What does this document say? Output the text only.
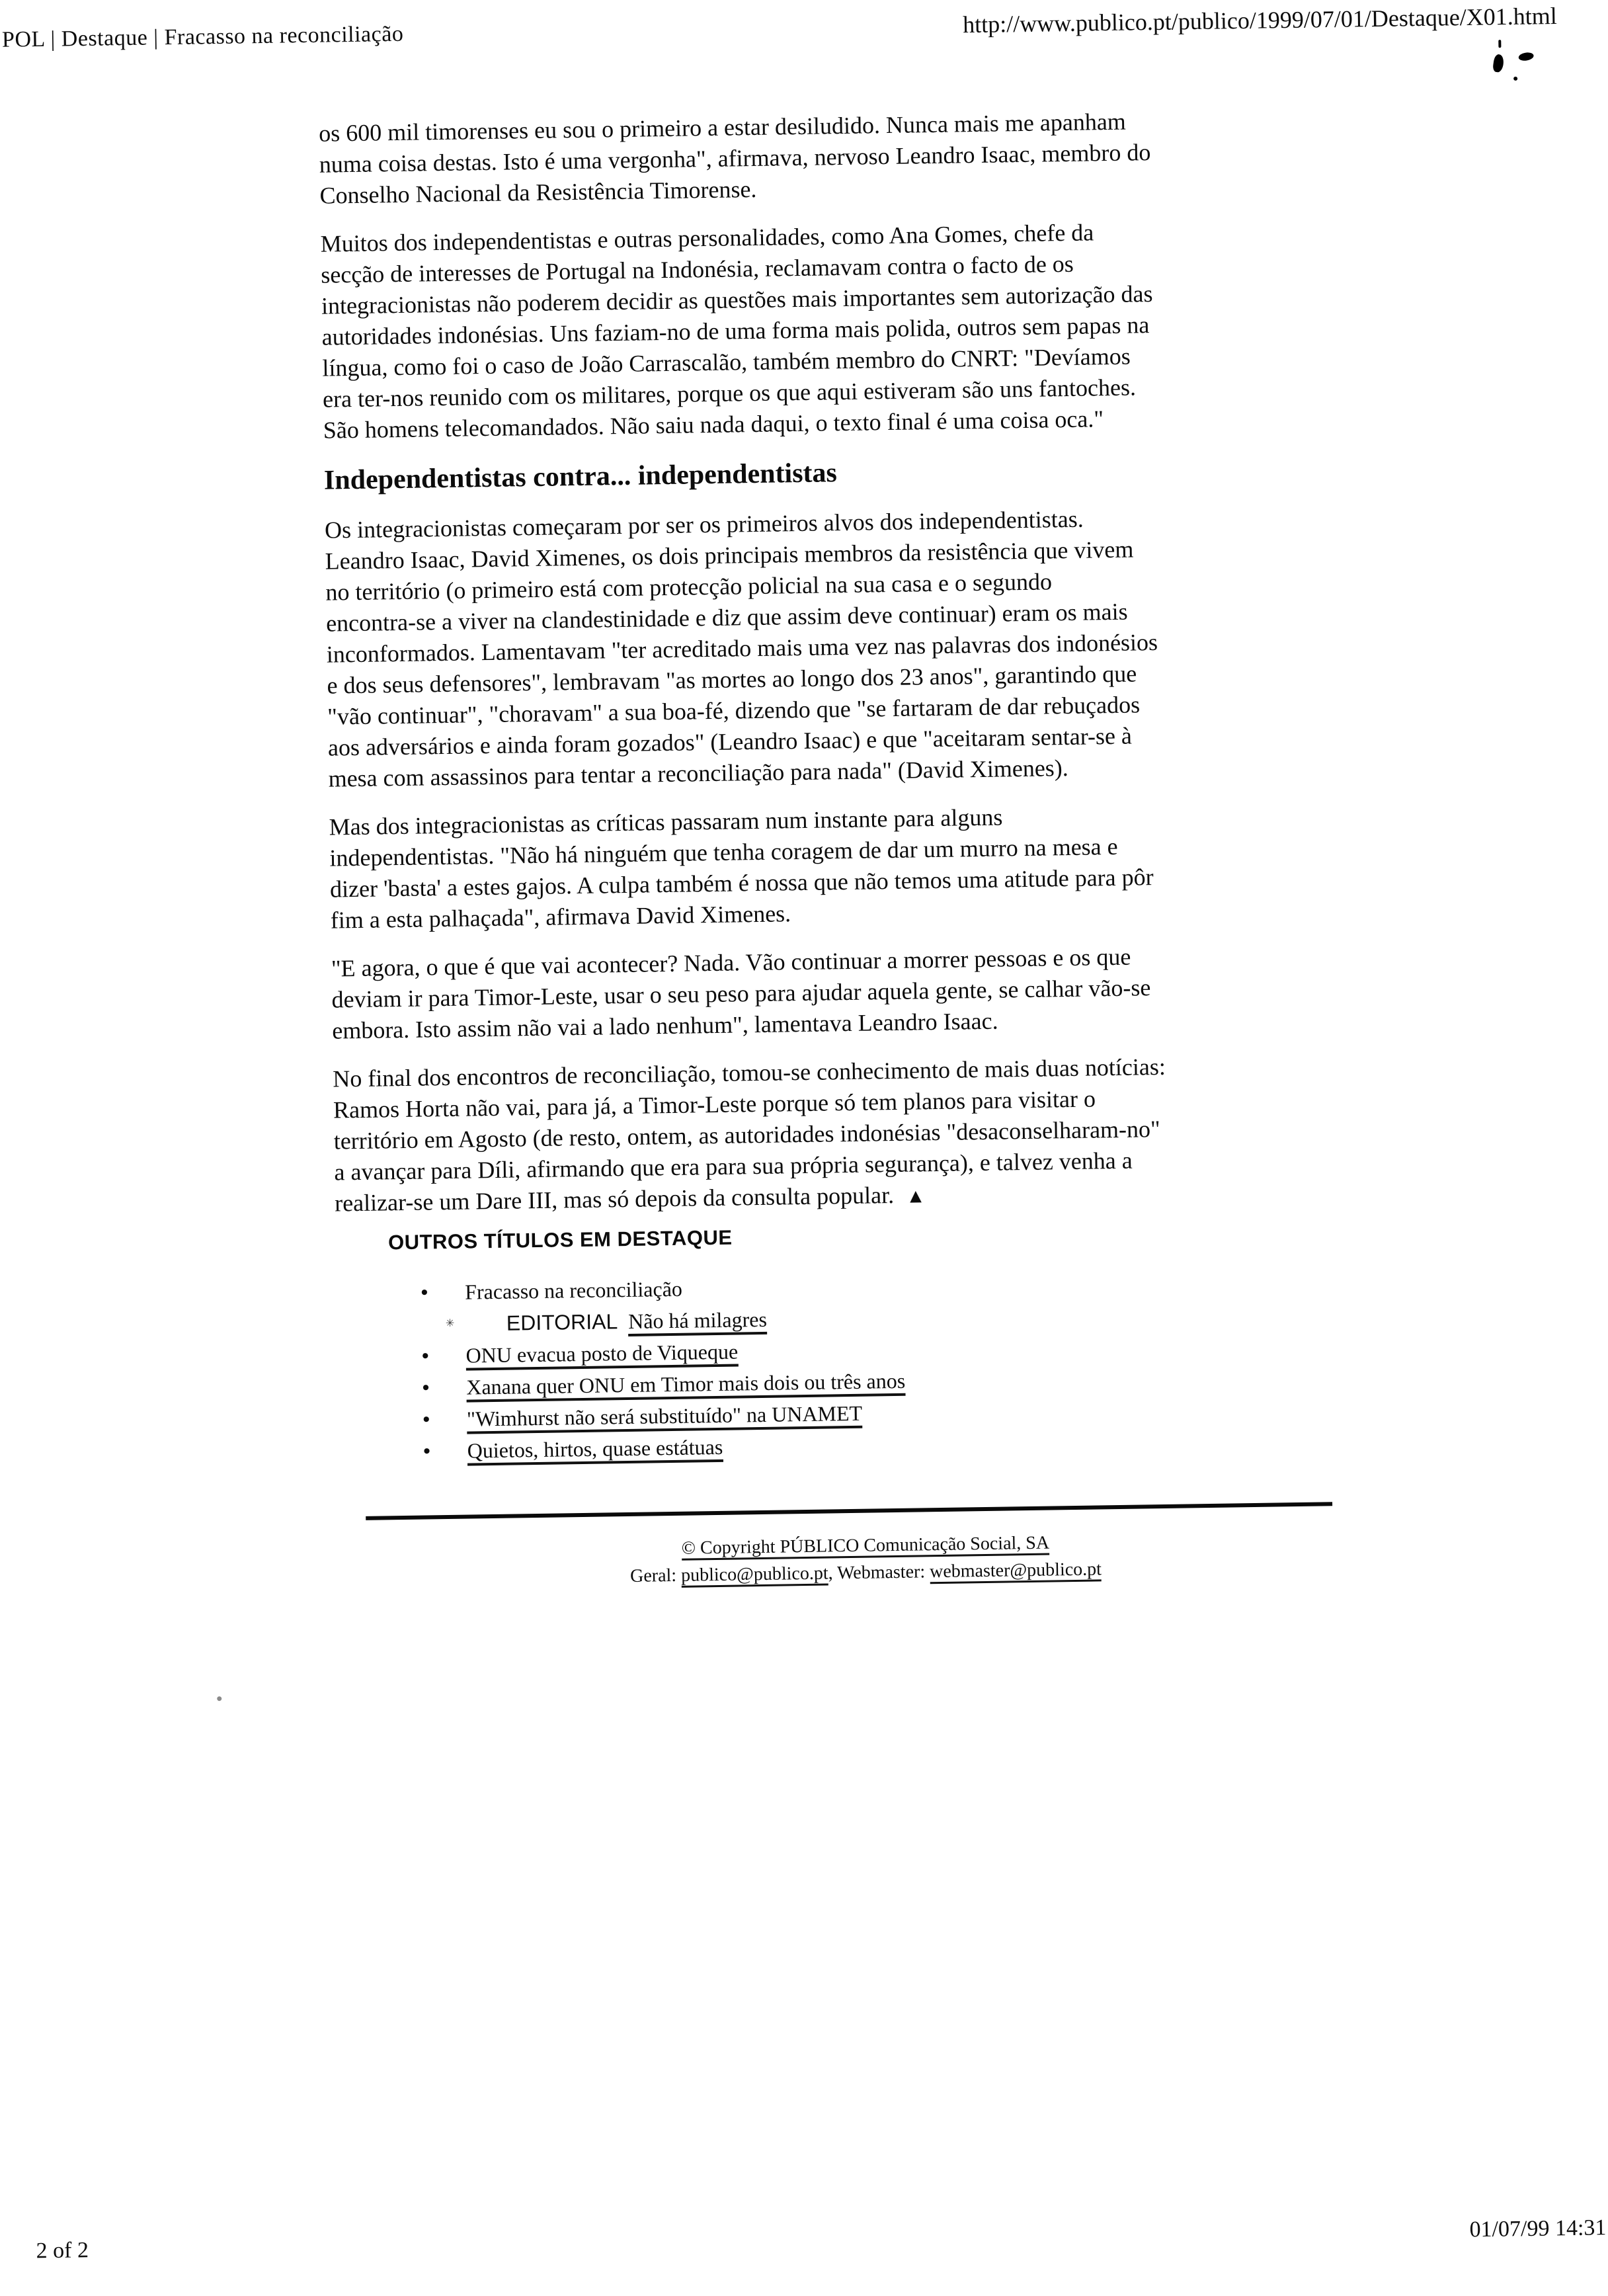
POL | Destaque | Fracasso na reconciliação	http://www.publico.pt/publico/1999/07/01/Destaque/X01.html

os 600 mil timorenses eu sou o primeiro a estar desiludido. Nunca mais me apanham
numa coisa destas. Isto é uma vergonha", afirmava, nervoso Leandro Isaac, membro do
Conselho Nacional da Resistência Timorense.

Muitos dos independentistas e outras personalidades, como Ana Gomes, chefe da
secção de interesses de Portugal na Indonésia, reclamavam contra o facto de os
integracionistas não poderem decidir as questões mais importantes sem autorização das
autoridades indonésias. Uns faziam-no de uma forma mais polida, outros sem papas na
língua, como foi o caso de João Carrascalão, também membro do CNRT: "Devíamos
era ter-nos reunido com os militares, porque os que aqui estiveram são uns fantoches.
São homens telecomandados. Não saiu nada daqui, o texto final é uma coisa oca."

Independentistas contra... independentistas

Os integracionistas começaram por ser os primeiros alvos dos independentistas.
Leandro Isaac, David Ximenes, os dois principais membros da resistência que vivem
no território (o primeiro está com protecção policial na sua casa e o segundo
encontra-se a viver na clandestinidade e diz que assim deve continuar) eram os mais
inconformados. Lamentavam "ter acreditado mais uma vez nas palavras dos indonésios
e dos seus defensores", lembravam "as mortes ao longo dos 23 anos", garantindo que
"vão continuar", "choravam" a sua boa-fé, dizendo que "se fartaram de dar rebuçados
aos adversários e ainda foram gozados" (Leandro Isaac) e que "aceitaram sentar-se à
mesa com assassinos para tentar a reconciliação para nada" (David Ximenes).

Mas dos integracionistas as críticas passaram num instante para alguns
independentistas. "Não há ninguém que tenha coragem de dar um murro na mesa e
dizer 'basta' a estes gajos. A culpa também é nossa que não temos uma atitude para pôr
fim a esta palhaçada", afirmava David Ximenes.

"E agora, o que é que vai acontecer? Nada. Vão continuar a morrer pessoas e os que
deviam ir para Timor-Leste, usar o seu peso para ajudar aquela gente, se calhar vão-se
embora. Isto assim não vai a lado nenhum", lamentava Leandro Isaac.

No final dos encontros de reconciliação, tomou-se conhecimento de mais duas notícias:
Ramos Horta não vai, para já, a Timor-Leste porque só tem planos para visitar o
território em Agosto (de resto, ontem, as autoridades indonésias "desaconselharam-no"
a avançar para Díli, afirmando que era para sua própria segurança), e talvez venha a
realizar-se um Dare III, mas só depois da consulta popular. ▲

OUTROS TÍTULOS EM DESTAQUE
● Fracasso na reconciliação
✳ EDITORIAL Não há milagres
● ONU evacua posto de Viqueque
● Xanana quer ONU em Timor mais dois ou três anos
● "Wimhurst não será substituído" na UNAMET
● Quietos, hirtos, quase estátuas
© Copyright PÚBLICO Comunicação Social, SA
Geral: publico@publico.pt, Webmaster: webmaster@publico.pt
2 of 2
01/07/99 14:31
